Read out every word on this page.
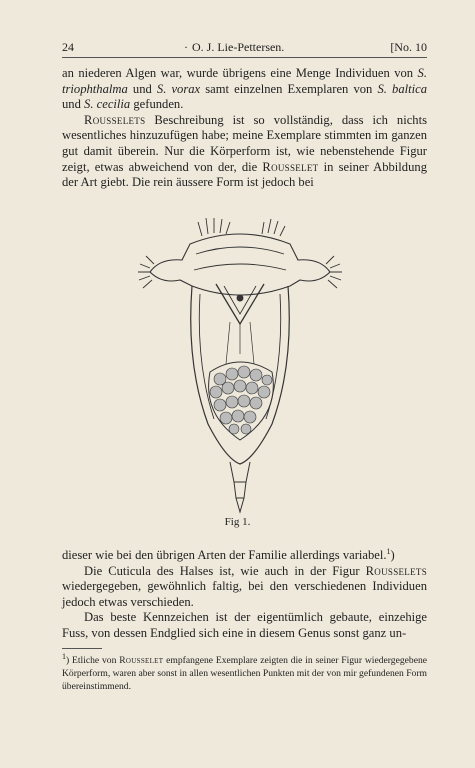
24	· O. J. Lie-Pettersen.	[No. 10

an niederen Algen war, wurde übrigens eine Menge Individuen von S. triophthalma und S. vorax samt einzelnen Exemplaren von S. baltica und S. cecilia gefunden.

Rousselets Beschreibung ist so vollständig, dass ich nichts wesentliches hinzuzufügen habe; meine Exemplare stimmten im ganzen gut damit überein. Nur die Körperform ist, wie nebenstehende Figur zeigt, etwas abweichend von der, die Rousselet in seiner Abbildung der Art giebt. Die rein äussere Form ist jedoch bei

Fig 1.

dieser wie bei den übrigen Arten der Familie allerdings variabel.$^1$)

Die Cuticula des Halses ist, wie auch in der Figur Rousselets wiedergegeben, gewöhnlich faltig, bei den verschiedenen Individuen jedoch etwas verschieden.

Das beste Kennzeichen ist der eigentümlich gebaute, einzehige Fuss, von dessen Endglied sich eine in diesem Genus sonst ganz un-

$^1$) Etliche von Rousselet empfangene Exemplare zeigten die in seiner Figur wiedergegebene Körperform, waren aber sonst in allen wesentlichen Punkten mit der von mir gefundenen Form übereinstimmend.
